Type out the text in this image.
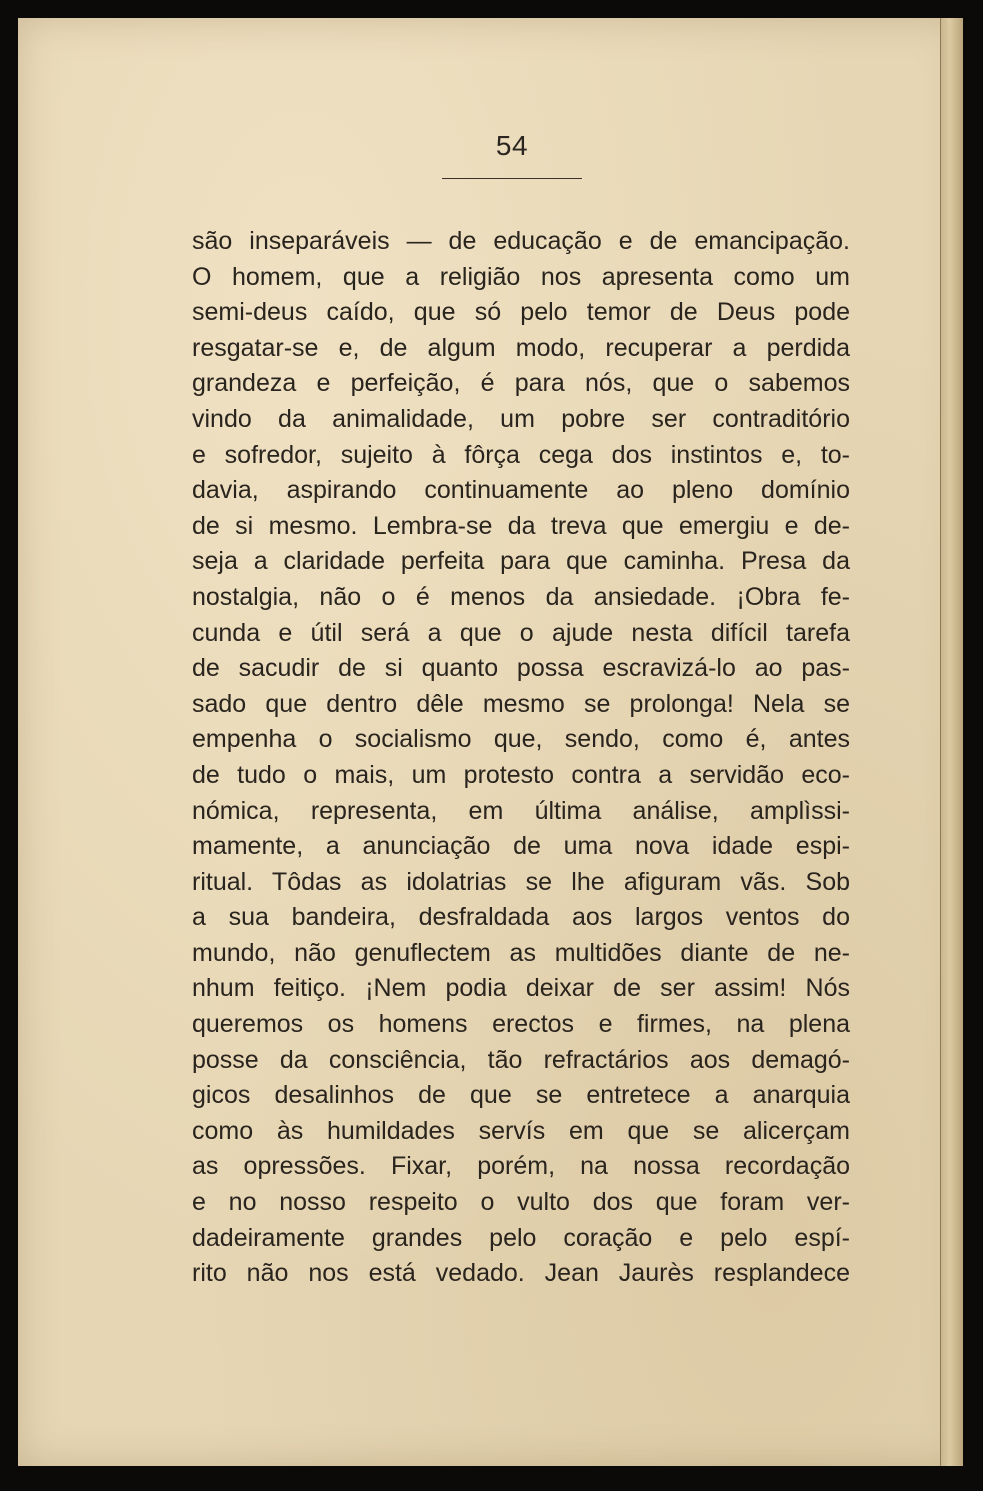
54
são inseparáveis — de educação e de emancipação.
O homem, que a religião nos apresenta como um
semi-deus caído, que só pelo temor de Deus pode
resgatar-se e, de algum modo, recuperar a perdida
grandeza e perfeição, é para nós, que o sabemos
vindo da animalidade, um pobre ser contraditório
e sofredor, sujeito à fôrça cega dos instintos e, to-
davia, aspirando continuamente ao pleno domínio
de si mesmo. Lembra-se da treva que emergiu e de-
seja a claridade perfeita para que caminha. Presa da
nostalgia, não o é menos da ansiedade. ¡Obra fe-
cunda e útil será a que o ajude nesta difícil tarefa
de sacudir de si quanto possa escravizá-lo ao pas-
sado que dentro dêle mesmo se prolonga! Nela se
empenha o socialismo que, sendo, como é, antes
de tudo o mais, um protesto contra a servidão eco-
nómica, representa, em última análise, amplìssi-
mamente, a anunciação de uma nova idade espi-
ritual. Tôdas as idolatrias se lhe afiguram vãs. Sob
a sua bandeira, desfraldada aos largos ventos do
mundo, não genuflectem as multidões diante de ne-
nhum feitiço. ¡Nem podia deixar de ser assim! Nós
queremos os homens erectos e firmes, na plena
posse da consciência, tão refractários aos demagó-
gicos desalinhos de que se entretece a anarquia
como às humildades servís em que se alicerçam
as opressões. Fixar, porém, na nossa recordação
e no nosso respeito o vulto dos que foram ver-
dadeiramente grandes pelo coração e pelo espí-
rito não nos está vedado. Jean Jaurès resplandece
